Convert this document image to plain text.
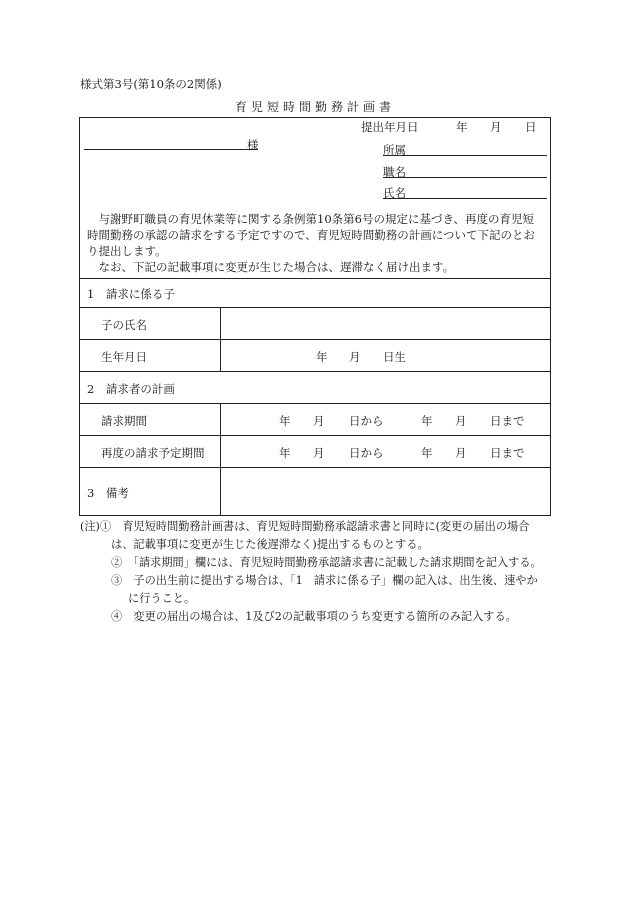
様式第3号(第10条の2関係)
育児短時間勤務計画書
提出年月日	年 月 日
様	所属
職名
氏名
与謝野町職員の育児休業等に関する条例第10条第6号の規定に基づき、再度の育児短時間勤務の承認の請求をする予定ですので、育児短時間勤務の計画について下記のとおり提出します。
なお、下記の記載事項に変更が生じた場合は、遅滞なく届け出ます。
1　請求に係る子
子の氏名
生年月日	年 月 日生
2　請求者の計画
請求期間	年 月 日から	年 月 日まで
再度の請求予定期間	年 月 日から	年 月 日まで
3　備考
(注)①　 育児短時間勤務計画書は、育児短時間勤務承認請求書と同時に(変更の届出の場合
は、記載事項に変更が生じた後遅滞なく)提出するものとする。
②　 「請求期間」欄には、育児短時間勤務承認請求書に記載した請求期間を記入する。
③　 子の出生前に提出する場合は、「1　請求に係る子」欄の記入は、出生後、速やか
に行うこと。
④　 変更の届出の場合は、1及び2の記載事項のうち変更する箇所のみ記入する。
